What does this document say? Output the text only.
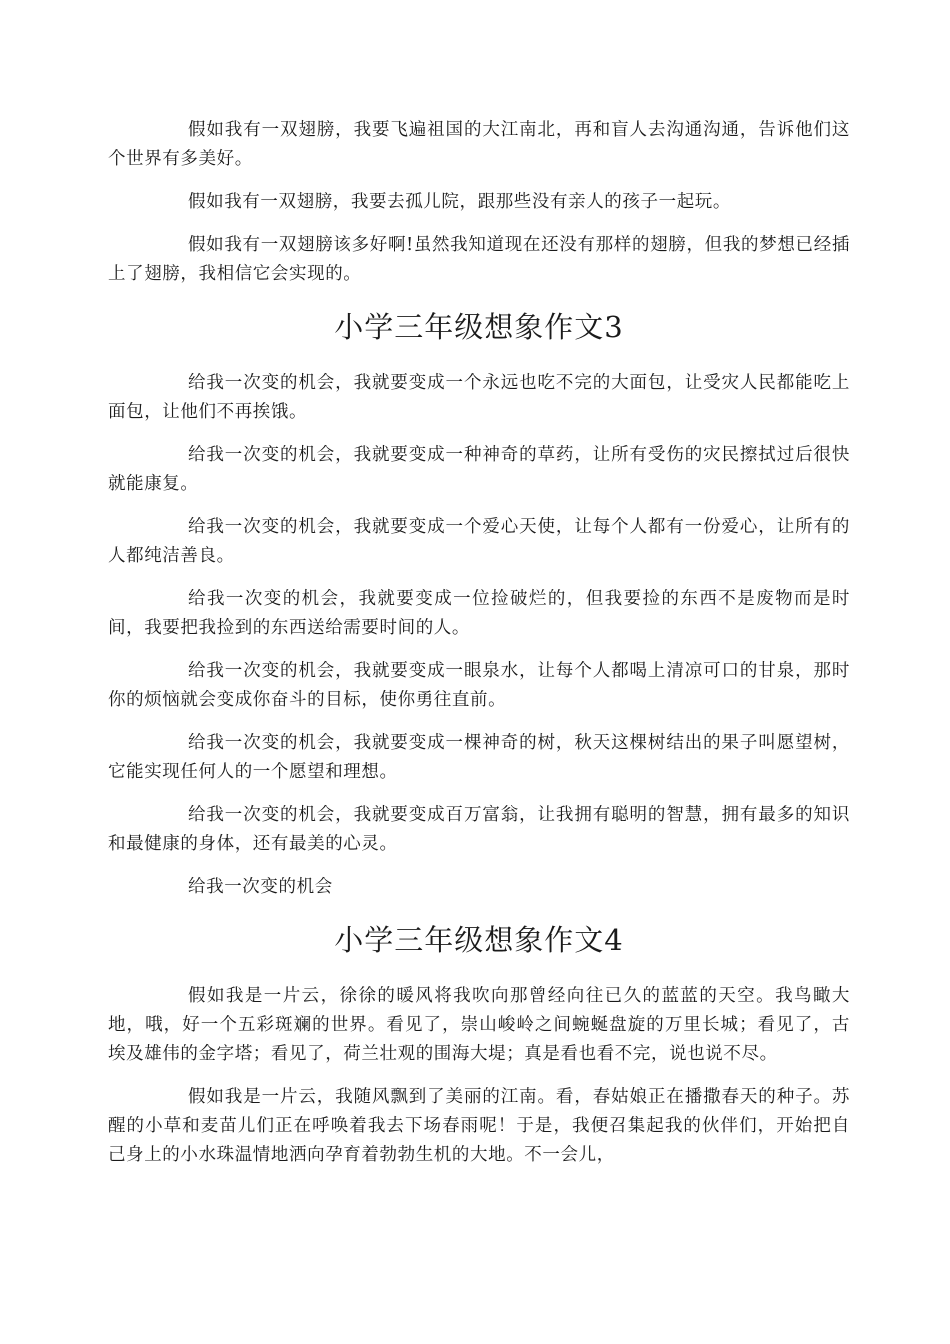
假如我有一双翅膀，我要飞遍祖国的大江南北，再和盲人去沟通沟通，告诉他们这个世界有多美好。

假如我有一双翅膀，我要去孤儿院，跟那些没有亲人的孩子一起玩。

假如我有一双翅膀该多好啊!虽然我知道现在还没有那样的翅膀，但我的梦想已经插上了翅膀，我相信它会实现的。

小学三年级想象作文3

给我一次变的机会，我就要变成一个永远也吃不完的大面包，让受灾人民都能吃上面包，让他们不再挨饿。

给我一次变的机会，我就要变成一种神奇的草药，让所有受伤的灾民擦拭过后很快就能康复。

给我一次变的机会，我就要变成一个爱心天使，让每个人都有一份爱心，让所有的人都纯洁善良。

给我一次变的机会，我就要变成一位捡破烂的，但我要捡的东西不是废物而是时间，我要把我捡到的东西送给需要时间的人。

给我一次变的机会，我就要变成一眼泉水，让每个人都喝上清凉可口的甘泉，那时你的烦恼就会变成你奋斗的目标，使你勇往直前。

给我一次变的机会，我就要变成一棵神奇的树，秋天这棵树结出的果子叫愿望树，它能实现任何人的一个愿望和理想。

给我一次变的机会，我就要变成百万富翁，让我拥有聪明的智慧，拥有最多的知识和最健康的身体，还有最美的心灵。

给我一次变的机会

小学三年级想象作文4

假如我是一片云，徐徐的暖风将我吹向那曾经向往已久的蓝蓝的天空。我鸟瞰大地，哦，好一个五彩斑斓的世界。看见了，崇山峻岭之间蜿蜒盘旋的万里长城；看见了，古埃及雄伟的金字塔；看见了，荷兰壮观的围海大堤；真是看也看不完，说也说不尽。

假如我是一片云，我随风飘到了美丽的江南。看，春姑娘正在播撒春天的种子。苏醒的小草和麦苗儿们正在呼唤着我去下场春雨呢！于是，我便召集起我的伙伴们，开始把自己身上的小水珠温情地洒向孕育着勃勃生机的大地。不一会儿，
